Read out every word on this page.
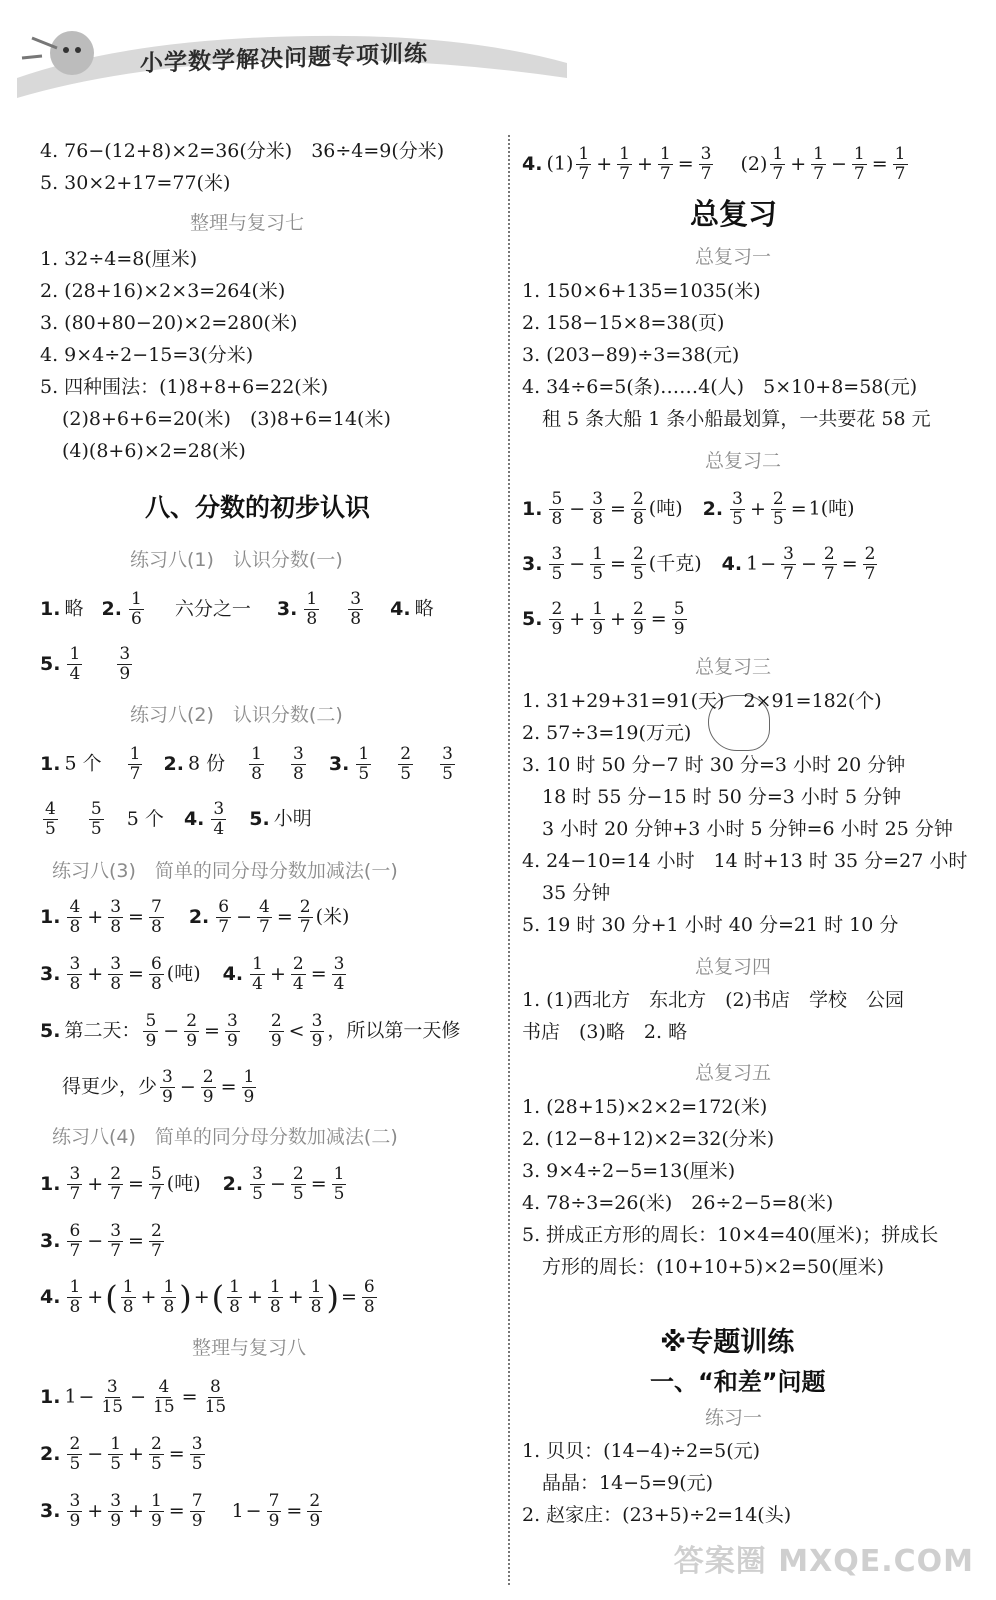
小学数学解决问题专项训练
4. 76−(12+8)×2=36(分米)　36÷4=9(分米)
5. 30×2+17=77(米)
整理与复习七
1. 32÷4=8(厘米)
2. (28+16)×2×3=264(米)
3. (80+80−20)×2=280(米)
4. 9×4÷2−15=3(分米)
5. 四种围法：(1)8+8+6=22(米)
(2)8+6+6=20(米)　(3)8+6=14(米)
(4)(8+6)×2=28(米)
八、分数的初步认识
练习八(1)　认识分数(一)
1. 略 2. $\frac{1}{6}$ 六分之一 3. $\frac{1}{8}$
$\frac{3}{8} 4$. 略
5. $\frac{1}{4}$
$\frac{3}{9}$
练习八(2)　认识分数(二)
1. 5 个 $\frac{1}{7} 2$. 8 份 $\frac{1}{8}$
$\frac{3}{8} 3$. $\frac{1}{5}$
$\frac{2}{5}$
$\frac{3}{5}$
$\frac{4}{5}$
$\frac{5}{5} 5$ 个 4. $\frac{3}{4} 5$. 小明
练习八(3)　简单的同分母分数加减法(一)
1. $\frac{4}{8} + \frac{3}{8} = \frac{7}{8} 2$. $\frac{6}{7} - \frac{4}{7} = \frac{2}{7}$ (米)
3. $\frac{3}{8} + \frac{3}{8} = \frac{6}{8}$ (吨) 4. $\frac{1}{4} + \frac{2}{4} = \frac{3}{4}$
5. 第二天： $\frac{5}{9} - \frac{2}{9} = \frac{3}{9}$
$\frac{2}{9} < \frac{3}{9}$ ，所以第一天修
得更少，少 $\frac{3}{9} - \frac{2}{9} = \frac{1}{9}$
练习八(4)　简单的同分母分数加减法(二)
1. $\frac{3}{7} + \frac{2}{7} = \frac{5}{7}$ (吨) 2. $\frac{3}{5} - \frac{2}{5} = \frac{1}{5}$
3. $\frac{6}{7} - \frac{3}{7} = \frac{2}{7}$
4. $\frac{1}{8}$ +( $\frac{1}{8} + \frac{1}{8}$ ) +( $\frac{1}{8} + \frac{1}{8} + \frac{1}{8}$ ) = $\frac{6}{8}$
整理与复习八
1. $1 - \frac{3}{15} - \frac{4}{15} = \frac{8}{15}$
2. $\frac{2}{5} - \frac{1}{5} + \frac{2}{5} = \frac{3}{5}$
3. $\frac{3}{9} + \frac{3}{9} + \frac{1}{9} = \frac{7}{9} 1 - \frac{7}{9} = \frac{2}{9}$
4. $(1) \frac{1}{7} + \frac{1}{7} + \frac{1}{7} = \frac{3}{7} (2) \frac{1}{7} + \frac{1}{7} - \frac{1}{7} = \frac{1}{7}$
总复习
总复习一
1. 150×6+135=1035(米)
2. 158−15×8=38(页)
3. (203−89)÷3=38(元)
4. 34÷6=5(条)……4(人)　5×10+8=58(元)
租 5 条大船 1 条小船最划算，一共要花 58 元
总复习二
1. $\frac{5}{8} - \frac{3}{8} = \frac{2}{8}$ (吨) 2. $\frac{3}{5} + \frac{2}{5} = 1$(吨)
3. $\frac{3}{5} - \frac{1}{5} = \frac{2}{5}$ (千克) 4. $1 - \frac{3}{7} - \frac{2}{7} = \frac{2}{7}$
5. $\frac{2}{9} + \frac{1}{9} + \frac{2}{9} = \frac{5}{9}$
总复习三
1. 31+29+31=91(天)　2×91=182(个)
2. 57÷3=19(万元)
3. 10 时 50 分−7 时 30 分=3 小时 20 分钟
18 时 55 分−15 时 50 分=3 小时 5 分钟
3 小时 20 分钟+3 小时 5 分钟=6 小时 25 分钟
4. 24−10=14 小时　14 时+13 时 35 分=27 小时
35 分钟
5. 19 时 30 分+1 小时 40 分=21 时 10 分
总复习四
1. (1)西北方　东北方　(2)书店　学校　公园
书店　(3)略　2. 略
总复习五
1. (28+15)×2×2=172(米)
2. (12−8+12)×2=32(分米)
3. 9×4÷2−5=13(厘米)
4. 78÷3=26(米)　26÷2−5=8(米)
5. 拼成正方形的周长：10×4=40(厘米)；拼成长
方形的周长：(10+10+5)×2=50(厘米)
※专题训练
一、“和差”问题
练习一
1. 贝贝：(14−4)÷2=5(元)
晶晶：14−5=9(元)
2. 赵家庄：(23+5)÷2=14(头)
答案圈 MXQE.COM
